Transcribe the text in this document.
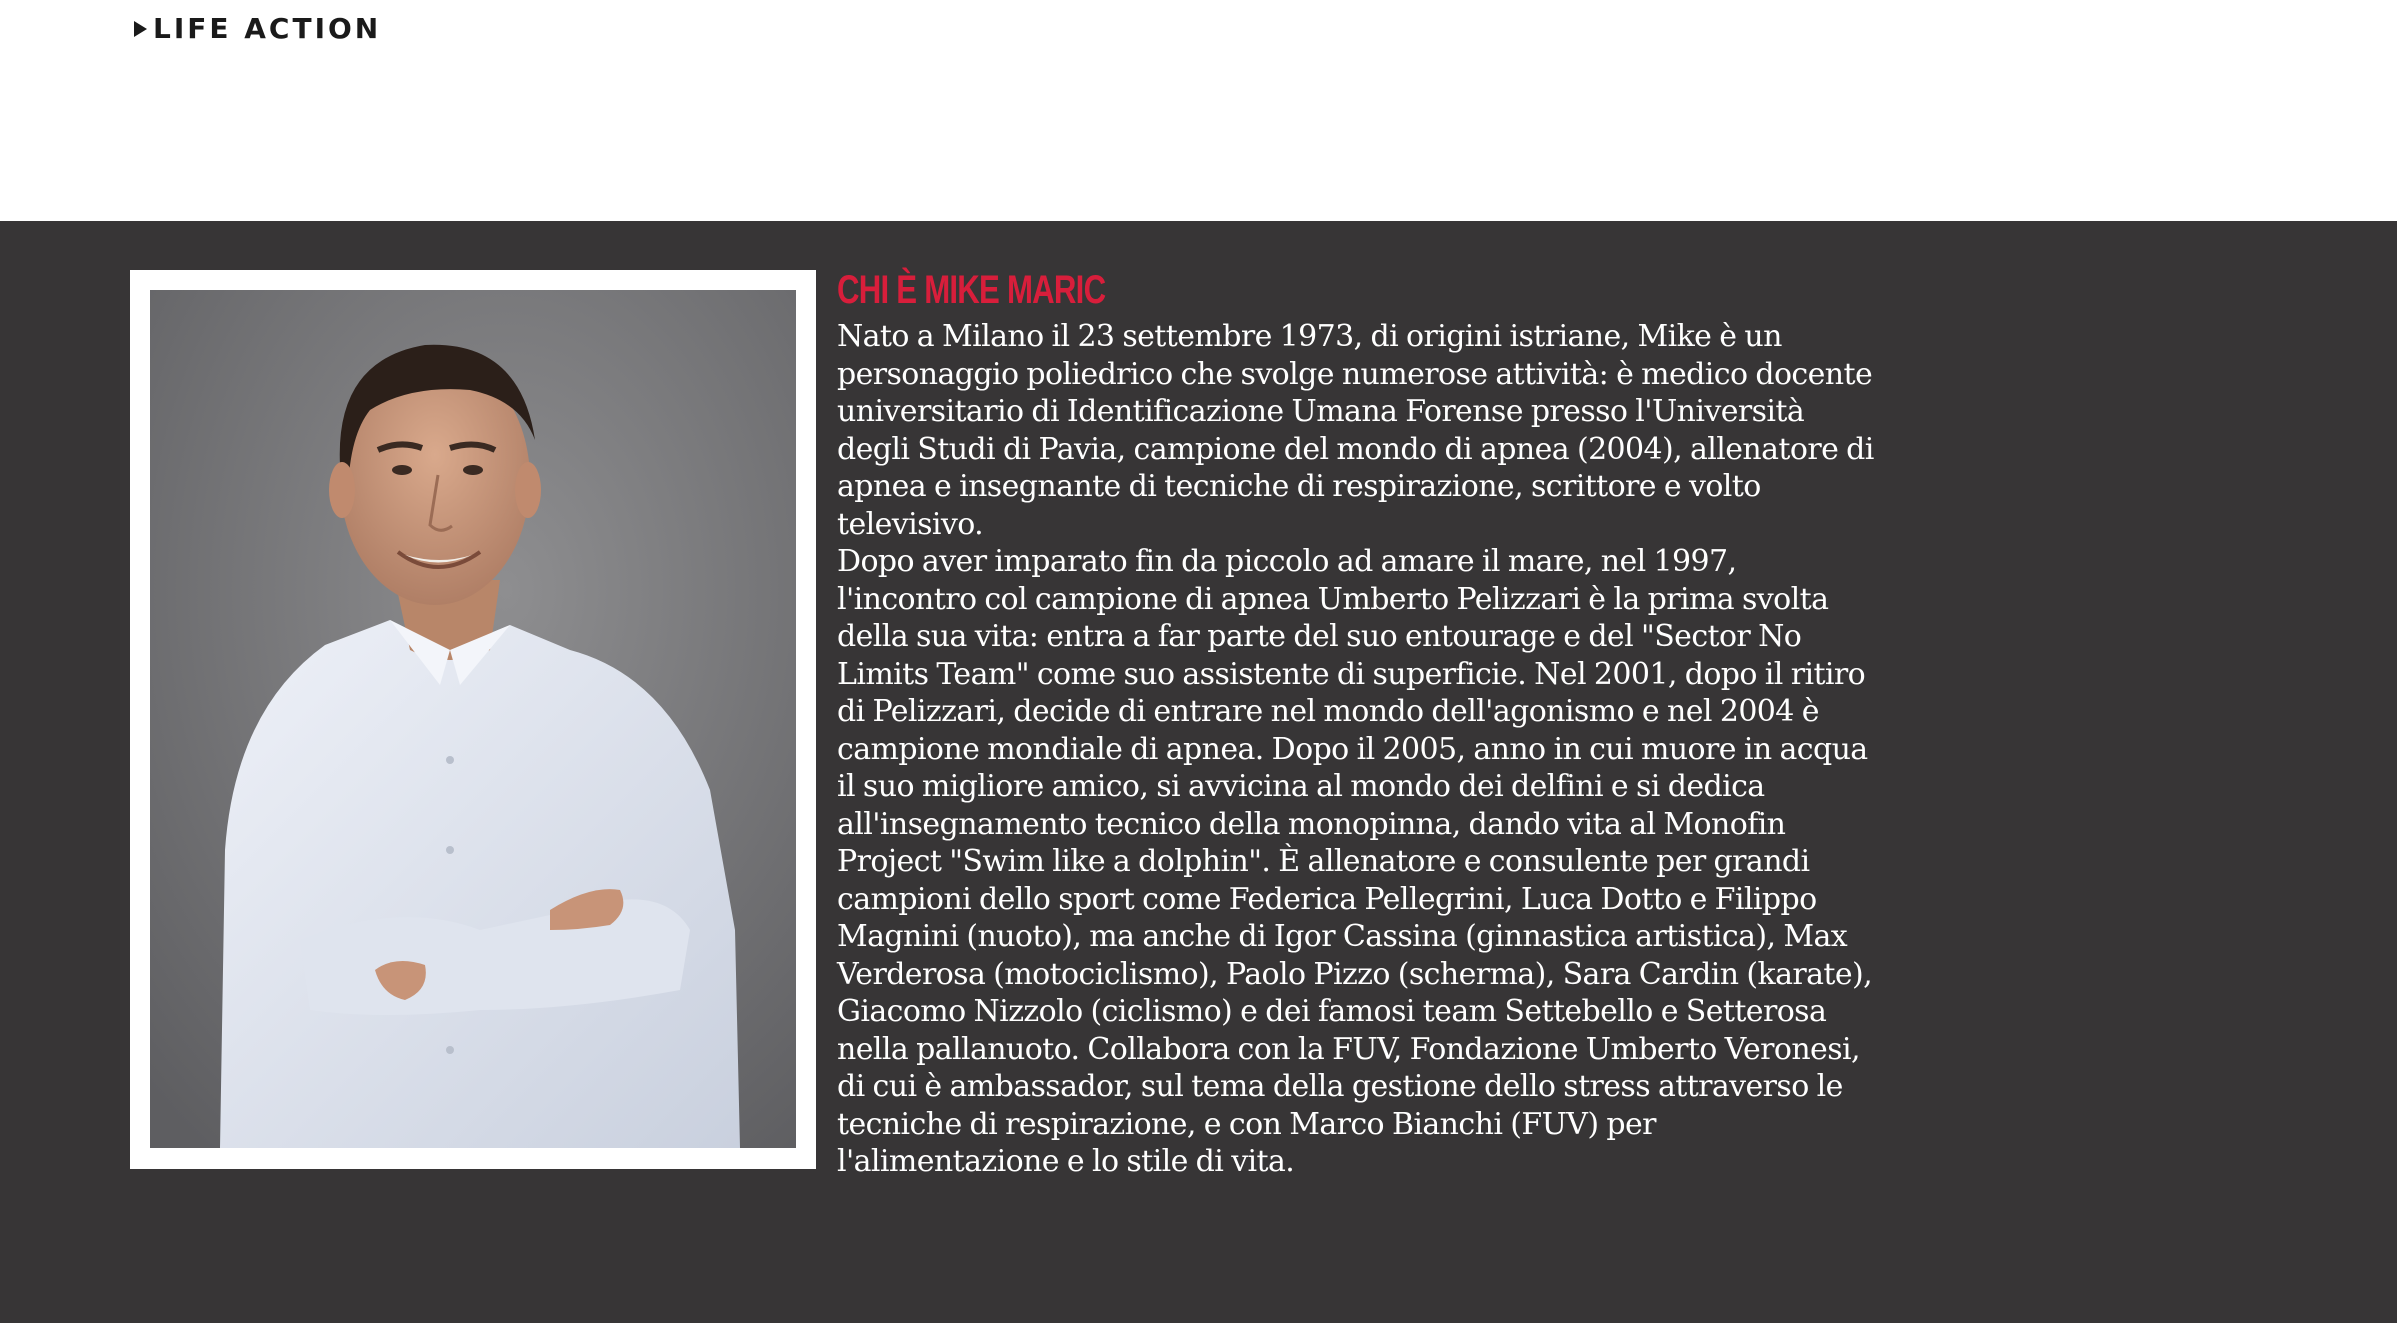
LIFE ACTION
CHI È MIKE MARIC

Nato a Milano il 23 settembre 1973, di origini istriane, Mike è un personaggio poliedrico che svolge numerose attività: è medico docente universitario di Identificazione Umana Forense presso l'Università degli Studi di Pavia, campione del mondo di apnea (2004), allenatore di apnea e insegnante di tecniche di respirazione, scrittore e volto televisivo.

Dopo aver imparato fin da piccolo ad amare il mare, nel 1997, l'incontro col campione di apnea Umberto Pelizzari è la prima svolta della sua vita: entra a far parte del suo entourage e del "Sector No Limits Team" come suo assistente di superficie. Nel 2001, dopo il ritiro di Pelizzari, decide di entrare nel mondo dell'agonismo e nel 2004 è campione mondiale di apnea. Dopo il 2005, anno in cui muore in acqua il suo migliore amico, si avvicina al mondo dei delfini e si dedica all'insegnamento tecnico della monopinna, dando vita al Monofin Project "Swim like a dolphin". È allenatore e consulente per grandi campioni dello sport come Federica Pellegrini, Luca Dotto e Filippo Magnini (nuoto), ma anche di Igor Cassina (ginnastica artistica), Max Verderosa (motociclismo), Paolo Pizzo (scherma), Sara Cardin (karate), Giacomo Nizzolo (ciclismo) e dei famosi team Settebello e Setterosa nella pallanuoto. Collabora con la FUV, Fondazione Umberto Veronesi, di cui è ambassador, sul tema della gestione dello stress attraverso le tecniche di respirazione, e con Marco Bianchi (FUV) per l'alimentazione e lo stile di vita.
